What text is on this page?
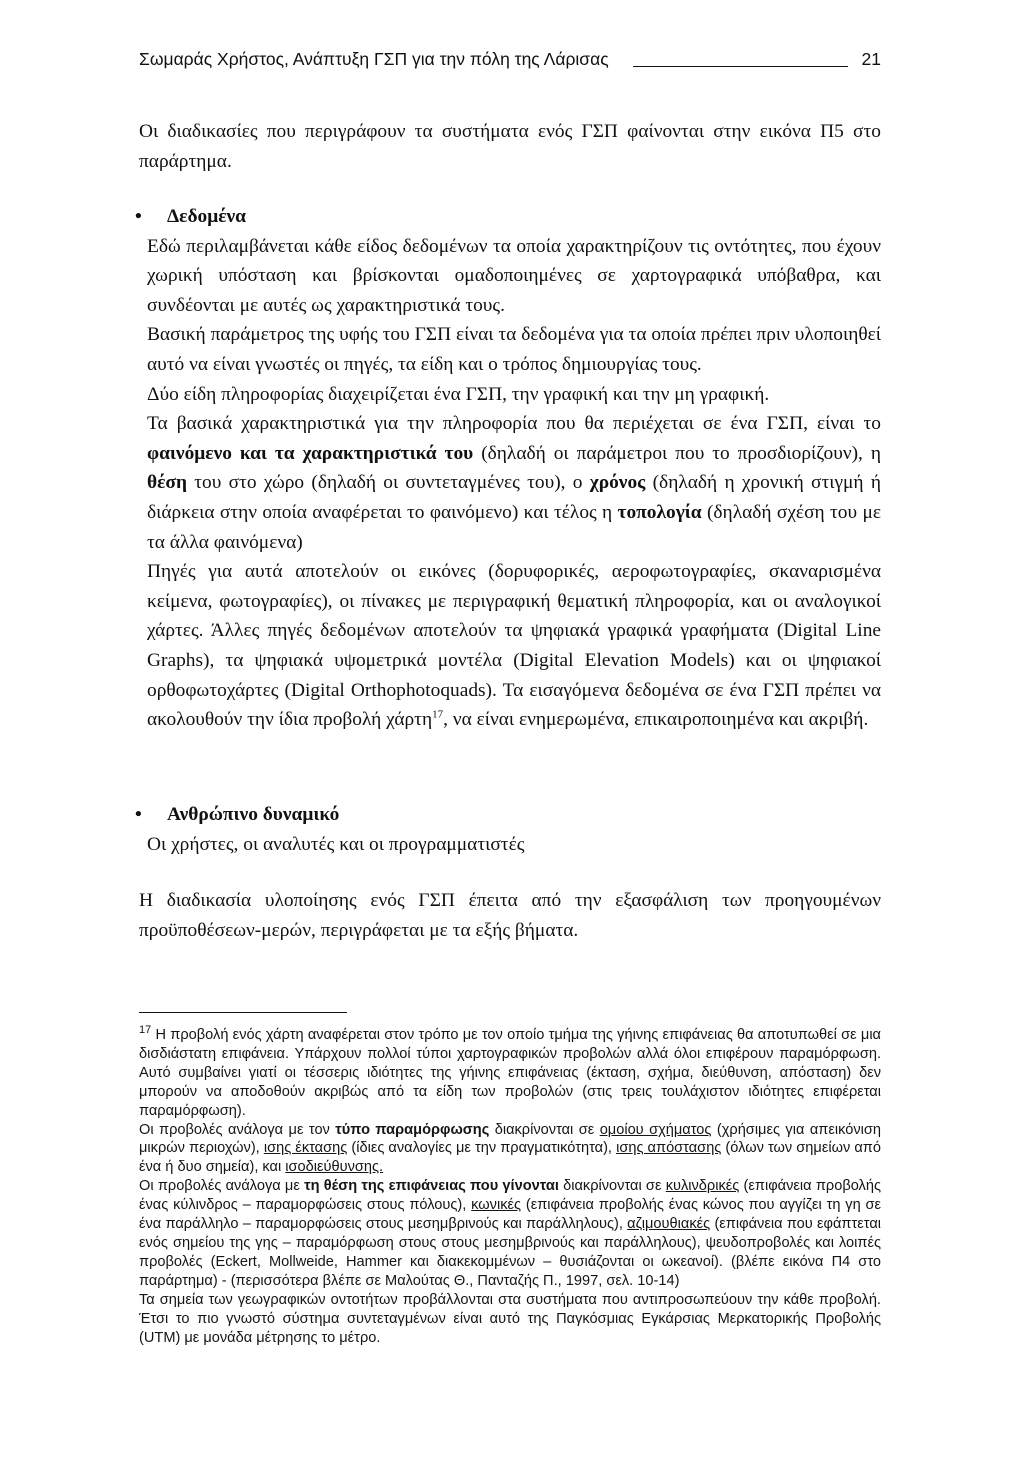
Σωμαράς Χρήστος, Ανάπτυξη ΓΣΠ για την πόλη της Λάρισας	21

Οι διαδικασίες που περιγράφουν τα συστήματα ενός ΓΣΠ φαίνονται στην εικόνα Π5 στο παράρτημα.

• Δεδομένα

Εδώ περιλαμβάνεται κάθε είδος δεδομένων τα οποία χαρακτηρίζουν τις οντότητες, που έχουν χωρική υπόσταση και βρίσκονται ομαδοποιημένες σε χαρτογραφικά υπόβαθρα, και συνδέονται με αυτές ως χαρακτηριστικά τους.

Βασική παράμετρος της υφής του ΓΣΠ είναι τα δεδομένα για τα οποία πρέπει πριν υλοποιηθεί αυτό να είναι γνωστές οι πηγές, τα είδη και ο τρόπος δημιουργίας τους.

Δύο είδη πληροφορίας διαχειρίζεται ένα ΓΣΠ, την γραφική και την μη γραφική.

Τα βασικά χαρακτηριστικά για την πληροφορία που θα περιέχεται σε ένα ΓΣΠ, είναι το φαινόμενο και τα χαρακτηριστικά του (δηλαδή οι παράμετροι που το προσδιορίζουν), η θέση του στο χώρο (δηλαδή οι συντεταγμένες του), ο χρόνος (δηλαδή η χρονική στιγμή ή διάρκεια στην οποία αναφέρεται το φαινόμενο) και τέλος η τοπολογία (δηλαδή σχέση του με τα άλλα φαινόμενα)

Πηγές για αυτά αποτελούν οι εικόνες (δορυφορικές, αεροφωτογραφίες, σκαναρισμένα κείμενα, φωτογραφίες), οι πίνακες με περιγραφική θεματική πληροφορία, και οι αναλογικοί χάρτες. Άλλες πηγές δεδομένων αποτελούν τα ψηφιακά γραφικά γραφήματα (Digital Line Graphs), τα ψηφιακά υψομετρικά μοντέλα (Digital Elevation Models) και οι ψηφιακοί ορθοφωτοχάρτες (Digital Orthophotoquads). Τα εισαγόμενα δεδομένα σε ένα ΓΣΠ πρέπει να ακολουθούν την ίδια προβολή χάρτη$^{17}$, να είναι ενημερωμένα, επικαιροποιημένα και ακριβή.

• Ανθρώπινο δυναμικό

Οι χρήστες, οι αναλυτές και οι προγραμματιστές

Η διαδικασία υλοποίησης ενός ΓΣΠ έπειτα από την εξασφάλιση των προηγουμένων προϋποθέσεων-μερών, περιγράφεται με τα εξής βήματα.

$^{17}$ Η προβολή ενός χάρτη αναφέρεται στον τρόπο με τον οποίο τμήμα της γήινης επιφάνειας θα αποτυπωθεί σε μια δισδιάστατη επιφάνεια. Υπάρχουν πολλοί τύποι χαρτογραφικών προβολών αλλά όλοι επιφέρουν παραμόρφωση. Αυτό συμβαίνει γιατί οι τέσσερις ιδιότητες της γήινης επιφάνειας (έκταση, σχήμα, διεύθυνση, απόσταση) δεν μπορούν να αποδοθούν ακριβώς από τα είδη των προβολών (στις τρεις τουλάχιστον ιδιότητες επιφέρεται παραμόρφωση).

Οι προβολές ανάλογα με τον τύπο παραμόρφωσης διακρίνονται σε ομοίου σχήματος (χρήσιμες για απεικόνιση μικρών περιοχών), ισης έκτασης (ίδιες αναλογίες με την πραγματικότητα), ισης απόστασης (όλων των σημείων από ένα ή δυο σημεία), και ισοδιεύθυνσης.

Οι προβολές ανάλογα με τη θέση της επιφάνειας που γίνονται διακρίνονται σε κυλινδρικές (επιφάνεια προβολής ένας κύλινδρος – παραμορφώσεις στους πόλους), κωνικές (επιφάνεια προβολής ένας κώνος που αγγίζει τη γη σε ένα παράλληλο – παραμορφώσεις στους μεσημβρινούς και παράλληλους), αζιμουθιακές (επιφάνεια που εφάπτεται ενός σημείου της γης – παραμόρφωση στους στους μεσημβρινούς και παράλληλους), ψευδοπροβολές και λοιπές προβολές (Eckert, Mollweide, Hammer και διακεκομμένων – θυσιάζονται οι ωκεανοί). (βλέπε εικόνα Π4 στο παράρτημα) - (περισσότερα βλέπε σε Μαλούτας Θ., Πανταζής Π., 1997, σελ. 10-14)

Τα σημεία των γεωγραφικών οντοτήτων προβάλλονται στα συστήματα που αντιπροσωπεύουν την κάθε προβολή. Έτσι το πιο γνωστό σύστημα συντεταγμένων είναι αυτό της Παγκόσμιας Εγκάρσιας Μερκατορικής Προβολής (UTM) με μονάδα μέτρησης το μέτρο.
